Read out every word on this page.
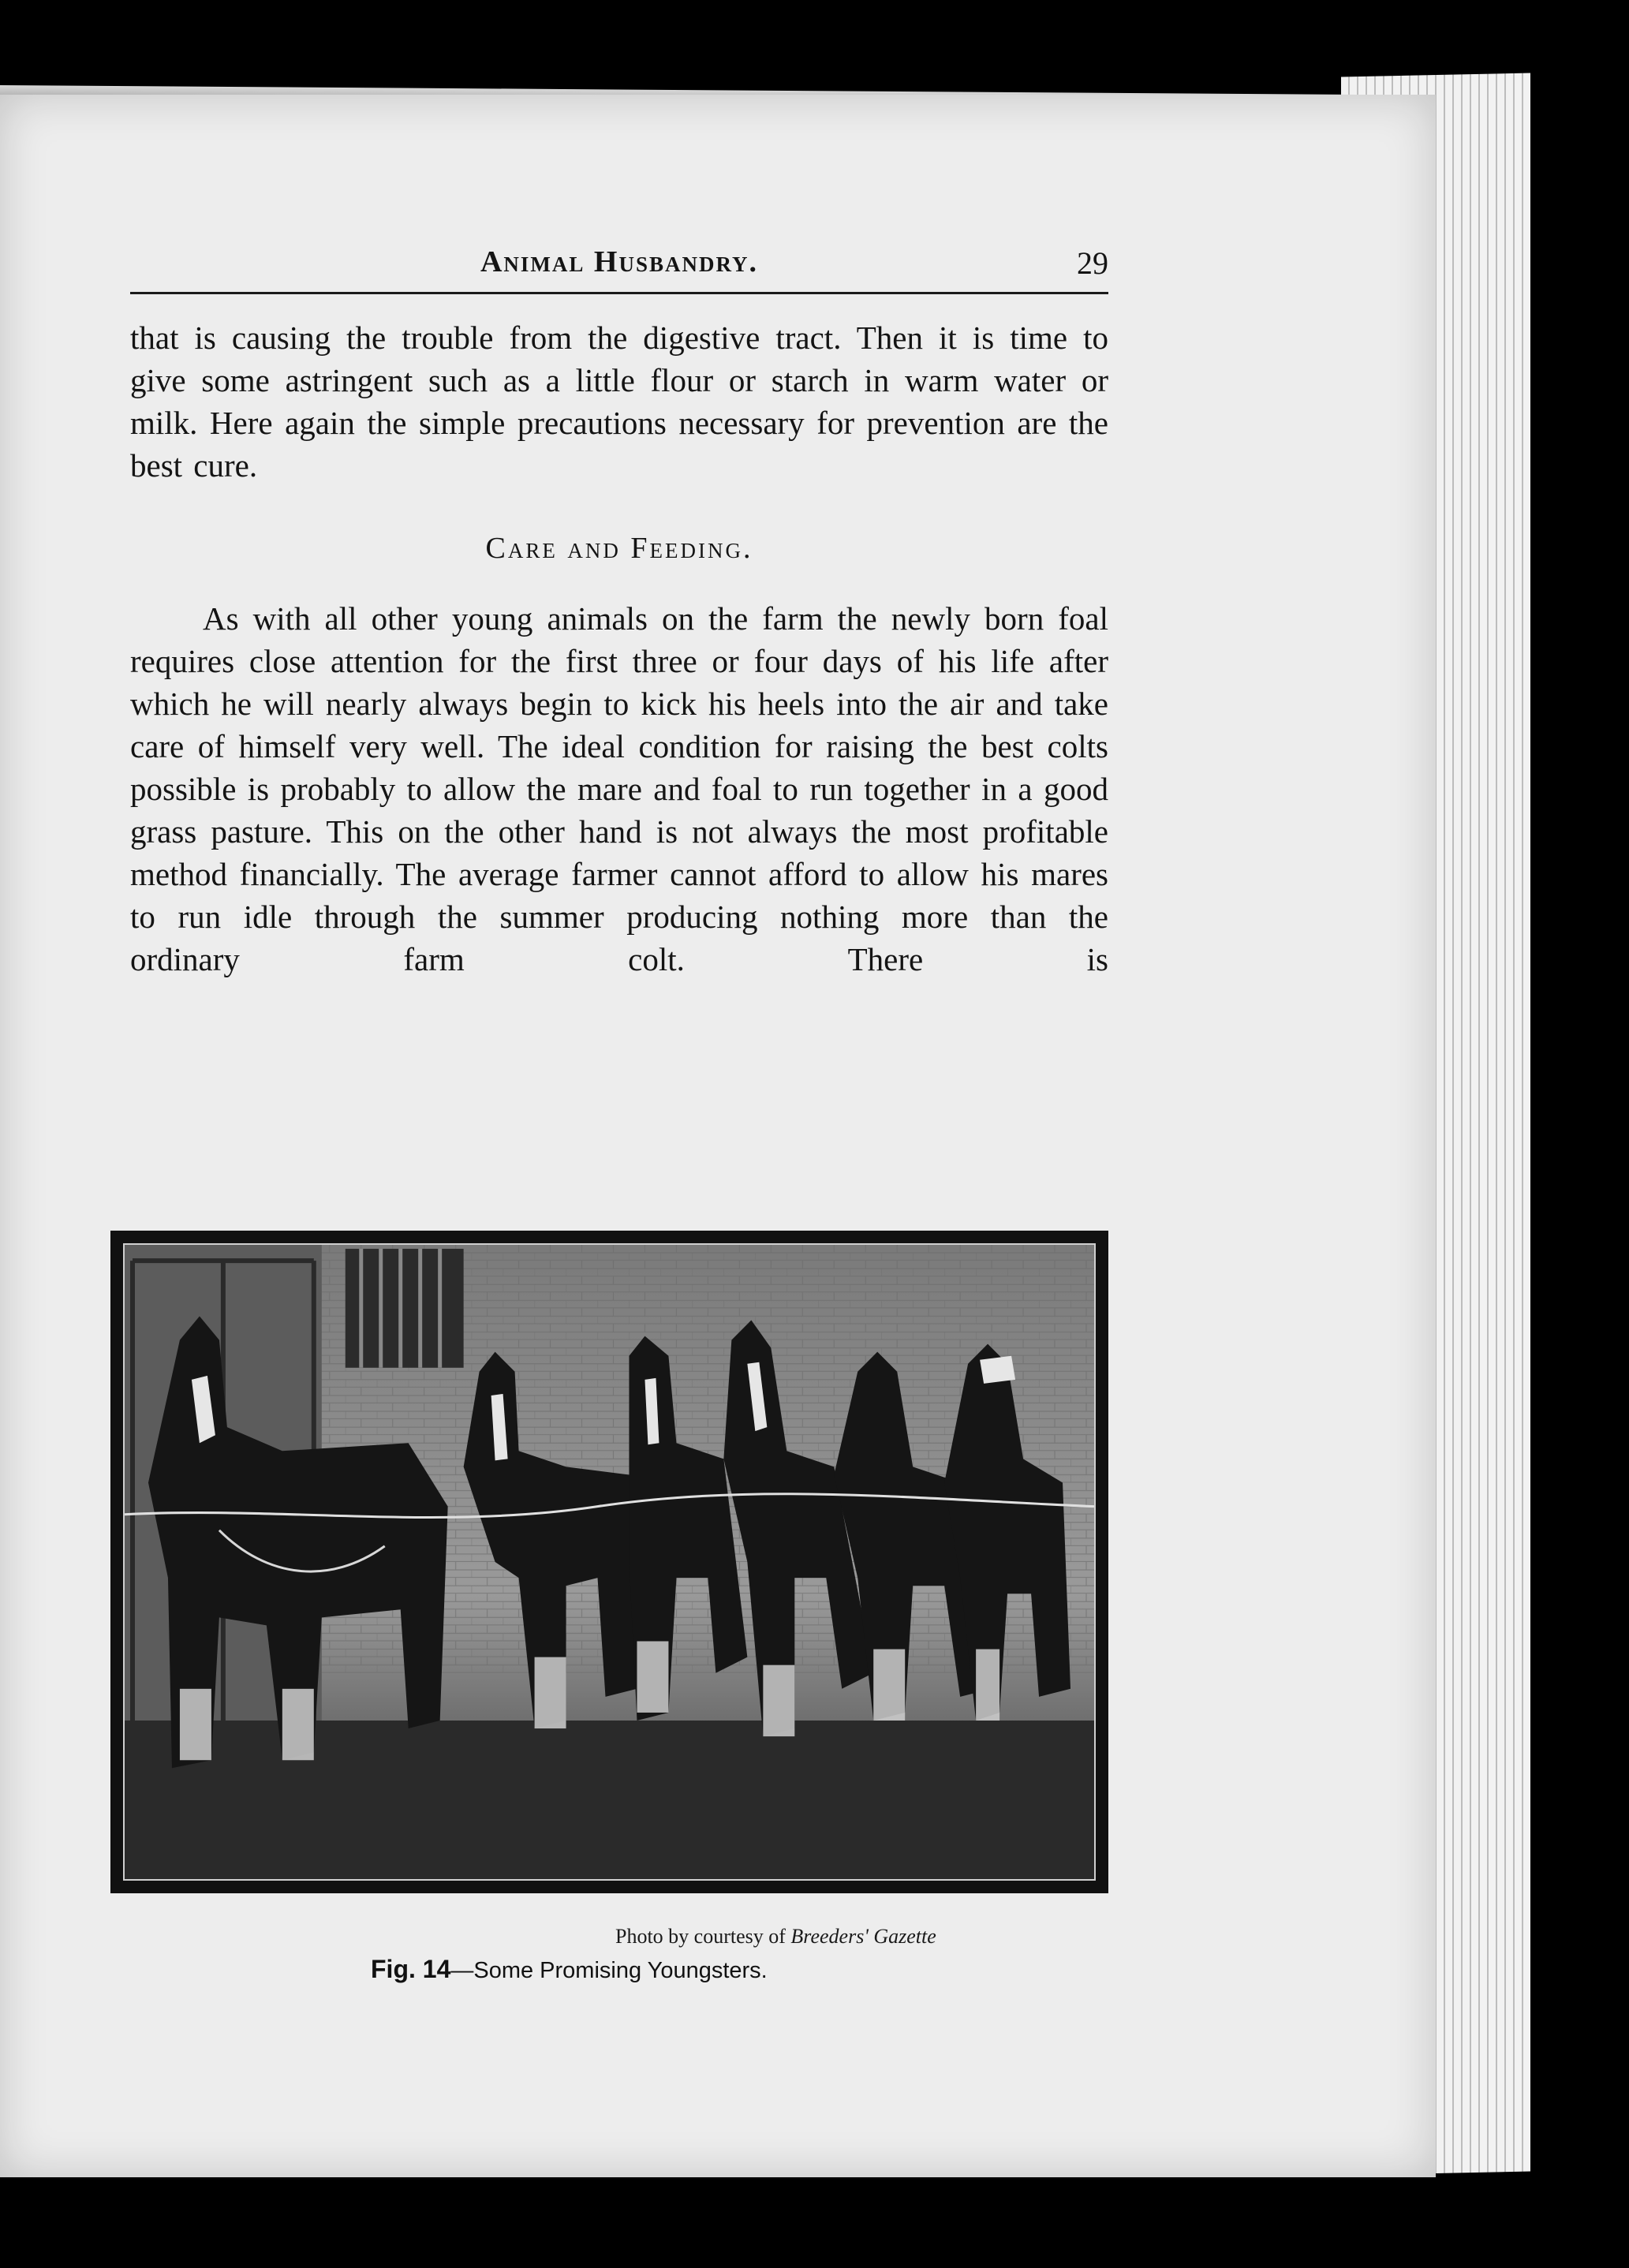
Animal Husbandry.	29

that is causing the trouble from the digestive tract. Then it is time to give some astringent such as a little flour or starch in warm water or milk. Here again the simple precautions necessary for prevention are the best cure.

Care and Feeding.

As with all other young animals on the farm the newly born foal requires close attention for the first three or four days of his life after which he will nearly always begin to kick his heels into the air and take care of himself very well. The ideal condition for raising the best colts possible is probably to allow the mare and foal to run together in a good grass pasture. This on the other hand is not always the most profitable method financially. The average farmer cannot afford to allow his mares to run idle through the summer producing nothing more than the ordinary farm colt. There is

Photo by courtesy of Breeders' Gazette
Fig. 14—Some Promising Youngsters.
